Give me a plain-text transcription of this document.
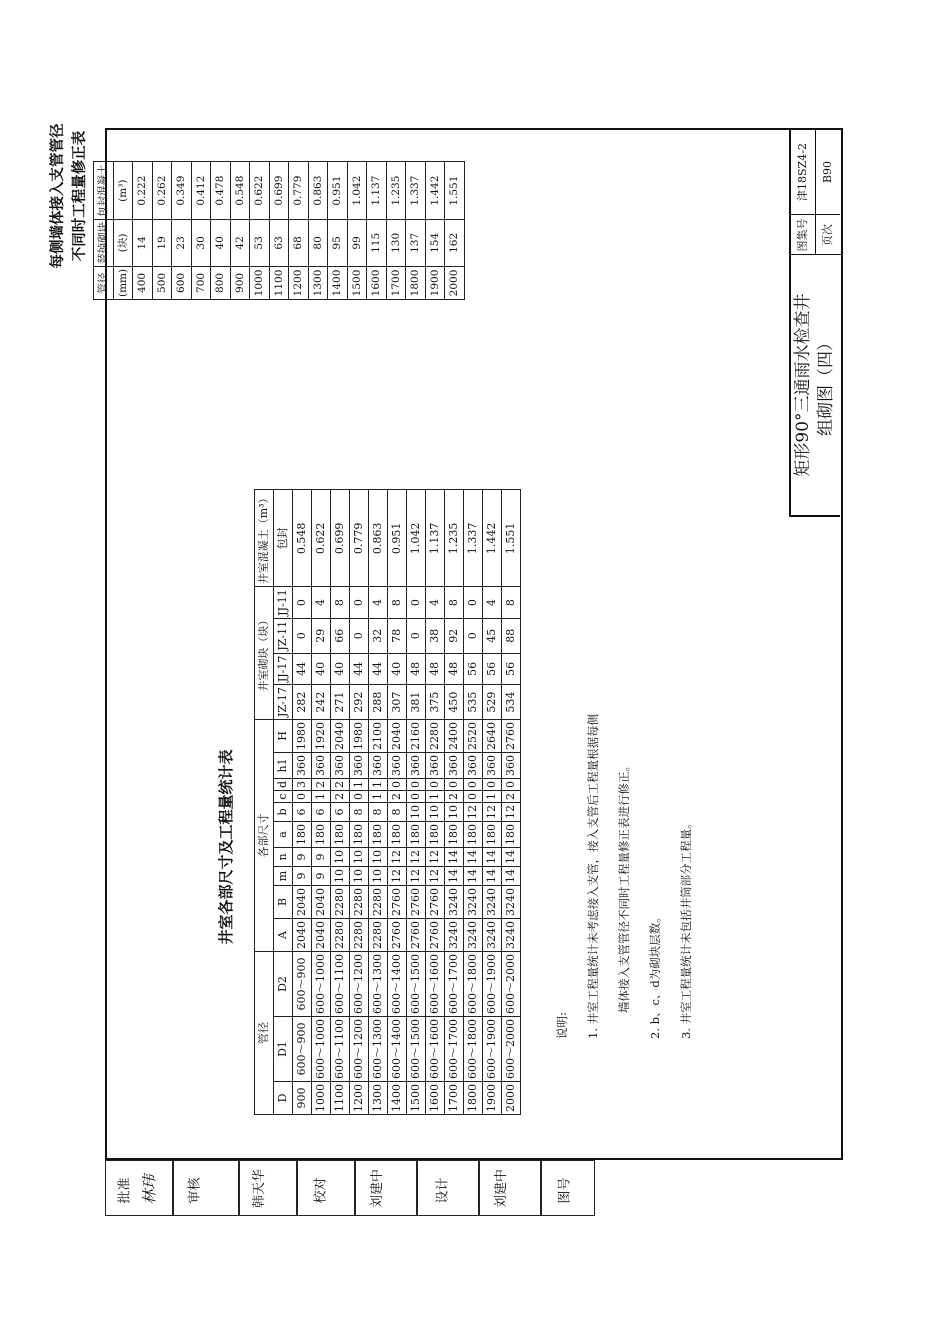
井室各部尺寸及工程量统计表
管径			各部尺寸										井室砌块（块）				井室混凝土（m³）
D	D1	D2	A	B	m	n	a	b	c	d	h1	H	JZ-17	JJ-17	JZ-11	JJ-11	包封
900	600～900	600～900	2040	2040	9	9	180	6	0	3	360	1980	282	44	0	0	0.548
1000	600～1000	600～1000	2040	2040	9	9	180	6	1	2	360	1920	242	40	29	4	0.622
1100	600～1100	600～1100	2280	2280	10	10	180	6	2	2	360	2040	271	40	66	8	0.699
1200	600～1200	600～1200	2280	2280	10	10	180	8	0	1	360	1980	292	44	0	0	0.779
1300	600～1300	600～1300	2280	2280	10	10	180	8	1	1	360	2100	288	44	32	4	0.863
1400	600～1400	600～1400	2760	2760	12	12	180	8	2	0	360	2040	307	40	78	8	0.951
1500	600～1500	600～1500	2760	2760	12	12	180	10	0	0	360	2160	381	48	0	0	1.042
1600	600～1600	600～1600	2760	2760	12	12	180	10	1	0	360	2280	375	48	38	4	1.137
1700	600～1700	600～1700	3240	3240	14	14	180	10	2	0	360	2400	450	48	92	8	1.235
1800	600～1800	600～1800	3240	3240	14	14	180	12	0	0	360	2520	535	56	0	0	1.337
1900	600～1900	600～1900	3240	3240	14	14	180	12	1	0	360	2640	529	56	45	4	1.442
2000	600～2000	600～2000	3240	3240	14	14	180	12	2	0	360	2760	534	56	88	8	1.551
说明:	1. 井室工程量统计未考虑接入支管，接入支管后工程量根据每侧	墙体接入支管管径不同时工程量修正表进行修正。	2. b、c、d为砌块层数。	3. 井室工程量统计未包括井筒部分工程量。
每侧墙体接入支管管径 不同时工程量修正表
管径	替掉砌块	包封混凝土
(mm)	(块)	(m³)
400	14	0.222
500	19	0.262
600	23	0.349
700	30	0.412
800	40	0.478
900	42	0.548
1000	53	0.622
1100	63	0.699
1200	68	0.779
1300	80	0.863
1400	95	0.951
1500	99	1.042
1600	115	1.137
1700	130	1.235
1800	137	1.337
1900	154	1.442
2000	162	1.551
矩形90°三通雨水检查井 组砌图（四）
图集号
津18SZ4-2
页次
B90
批准 林玮	审核	韩天华	校对	刘建中	设计	刘建中	图号
